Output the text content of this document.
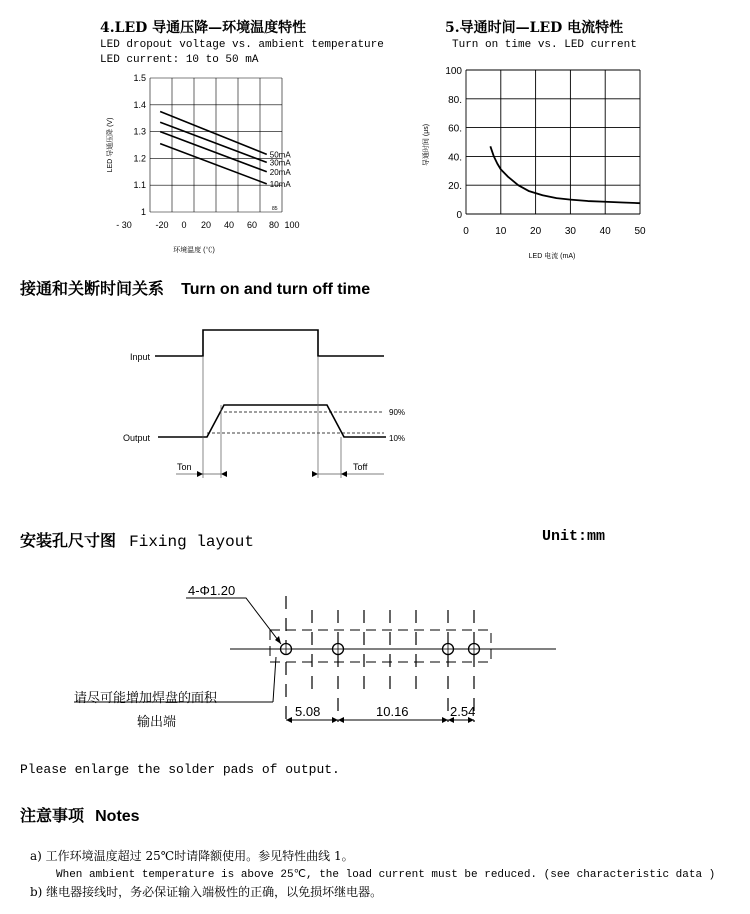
4.LED 导通压降—环境温度特性
LED dropout voltage vs. ambient temperature
LED current: 10 to 50 mA
5.导通时间—LED 电流特性
Turn on time vs. LED current
1
1.1
1.2
1.3
1.4
1.5
- 30	-20 0 20 40 60 80 100
85
环境温度 (℃)
LED 导通压降 (V)	50mA
30mA
20mA
10mA
0
20.
40.
60.
80.
100
0	10 20 30 40 50
LED 电流 (mA)
导通时间 (μs)
接通和关断时间关系 Turn on and turn off time
Input
Output
90%
10%
Ton	Toff
安装孔尺寸图 Fixing layout	Unit:mm
4-Φ1.20
5.08	10.16	2.54
请尽可能增加焊盘的面积
输出端
Please enlarge the solder pads of output.
注意事项 Notes
a) 工作环境温度超过 25℃时请降额使用。参见特性曲线 1。
When ambient temperature is above 25℃, the load current must be reduced. (see characteristic data )
b) 继电器接线时，务必保证输入端极性的正确，以免损坏继电器。
